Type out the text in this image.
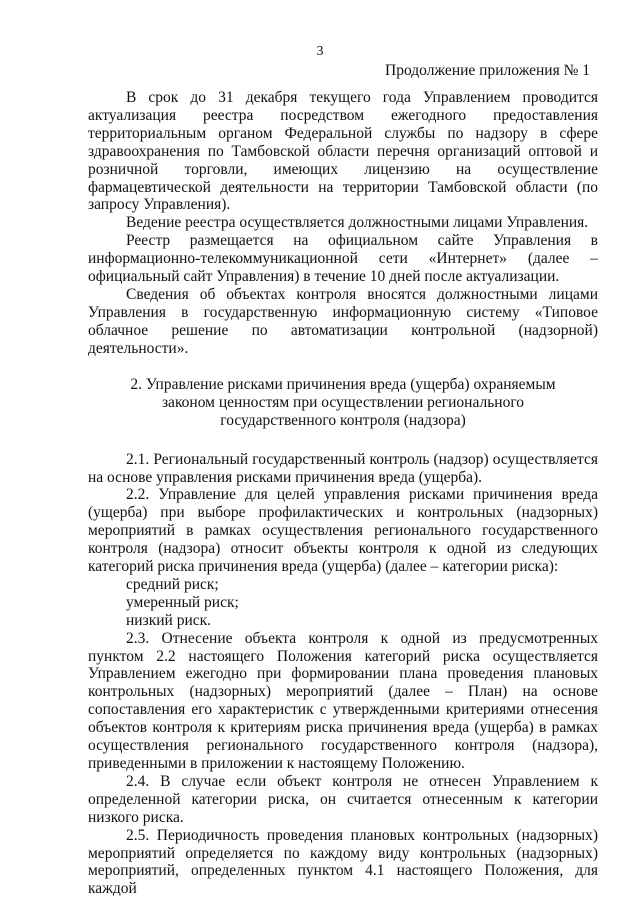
3
Продолжение приложения № 1

В срок до 31 декабря текущего года Управлением проводится актуализация реестра посредством ежегодного предоставления территориальным органом Федеральной службы по надзору в сфере здравоохранения по Тамбовской области перечня организаций оптовой и розничной торговли, имеющих лицензию на осуществление фармацевтической деятельности на территории Тамбовской области (по запросу Управления).

Ведение реестра осуществляется должностными лицами Управления.

Реестр размещается на официальном сайте Управления в информационно-телекоммуникационной сети «Интернет» (далее – официальный сайт Управления) в течение 10 дней после актуализации.

Сведения об объектах контроля вносятся должностными лицами Управления в государственную информационную систему «Типовое облачное решение по автоматизации контрольной (надзорной) деятельности».

2. Управление рисками причинения вреда (ущерба) охраняемым
законом ценностям при осуществлении регионального
государственного контроля (надзора)

2.1. Региональный государственный контроль (надзор) осуществляется на основе управления рисками причинения вреда (ущерба).

2.2. Управление для целей управления рисками причинения вреда (ущерба) при выборе профилактических и контрольных (надзорных) мероприятий в рамках осуществления регионального государственного контроля (надзора) относит объекты контроля к одной из следующих категорий риска причинения вреда (ущерба) (далее – категории риска):

средний риск;

умеренный риск;

низкий риск.

2.3. Отнесение объекта контроля к одной из предусмотренных пунктом 2.2 настоящего Положения категорий риска осуществляется Управлением ежегодно при формировании плана проведения плановых контрольных (надзорных) мероприятий (далее – План) на основе сопоставления его характеристик с утвержденными критериями отнесения объектов контроля к критериям риска причинения вреда (ущерба) в рамках осуществления регионального государственного контроля (надзора), приведенными в приложении к настоящему Положению.

2.4. В случае если объект контроля не отнесен Управлением к определенной категории риска, он считается отнесенным к категории низкого риска.

2.5. Периодичность проведения плановых контрольных (надзорных) мероприятий определяется по каждому виду контрольных (надзорных) мероприятий, определенных пунктом 4.1 настоящего Положения, для каждой
